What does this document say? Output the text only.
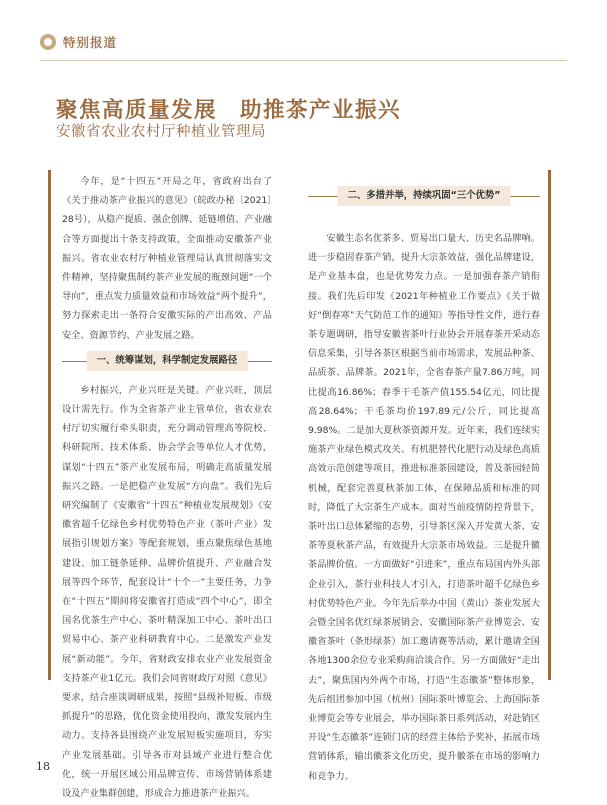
特别报道
聚焦高质量发展　助推茶产业振兴
安徽省农业农村厅种植业管理局

今年，是“十四五”开局之年，省政府出台了《关于推动茶产业振兴的意见》（皖政办秘〔2021〕28号），从稳产提质、强企创牌、延链增值、产业融合等方面提出十条支持政策，全面推动安徽茶产业振兴。省农业农村厅种植业管理局认真贯彻落实文件精神，坚持聚焦制约茶产业发展的瓶颈问题“一个导向”，重点发力质量效益和市场效益“两个提升”，努力探索走出一条符合安徽实际的产出高效、产品安全、资源节约、产业发展之路。

一、统筹谋划，科学制定发展路径

乡村振兴，产业兴旺是关键。产业兴旺，顶层设计需先行。作为全省茶产业主管单位，省农业农村厅切实履行牵头职责，充分调动管理高等院校、科研院所、技术体系、协会学会等单位人才优势，谋划“十四五”茶产业发展布局，明确走高质量发展振兴之路。一是把稳产业发展“方向盘”。我们先后研究编制了《安徽省“十四五”种植业发展规划》《安徽省超千亿绿色乡村优势特色产业（茶叶产业）发展指引规划方案》等配套规划，重点聚焦绿色基地建设、加工链条延伸、品牌价值提升、产业融合发展等四个环节，配套设计“十个一”主要任务，力争在“十四五”期间将安徽省打造成“四个中心”，即全国名优茶生产中心、茶叶精深加工中心、茶叶出口贸易中心、茶产业科研教育中心。二是激发产业发展“新动能”。今年，省财政安排农业产业发展资金支持茶产业1亿元。我们会同省财政厅对照《意见》要求，结合座谈调研成果，按照“县级补短板、市级抓提升”的思路，优化资金使用投向，激发发展内生动力。支持各县围绕产业发展短板实施项目，夯实产业发展基础。引导各市对县域产业进行整合优化，统一开展区域公用品牌宣传、市场营销体系建设及产业集群创建，形成合力推进茶产业振兴。

二、多措并举，持续巩固“三个优势”

安徽生态名优茶多、贸易出口量大、历史名品牌响。进一步稳固春茶产销，提升大宗茶效益，强化品牌建设，是产业基本盘，也是优势发力点。一是加强春茶产销衔接。我们先后印发《2021年种植业工作要点》《关于做好“倒春寒”天气防范工作的通知》等指导性文件，进行春茶专题调研，指导安徽省茶叶行业协会开展春茶开采动态信息采集，引导各茶区根据当前市场需求，发展品种茶、品质茶、品牌茶。2021年，全省春茶产量7.86万吨，同比提高16.86%；春季干毛茶产值155.54亿元，同比提高28.64%；干毛茶均价197.89元/公斤，同比提高9.98%。二是加大夏秋茶资源开发。近年来，我们连续实施茶产业绿色模式攻关、有机肥替代化肥行动及绿色高质高效示范创建等项目，推进标准茶园建设，普及茶园轻简机械，配套完善夏秋茶加工体，在保障品质和标准的同时，降低了大宗茶生产成本。面对当前疫情防控背景下，茶叶出口总体紧缩的态势，引导茶区深入开发黄大茶、安茶等夏秋茶产品，有效提升大宗茶市场效益。三是提升徽茶品牌价值。一方面做好“引进来”，重点布局国内外头部企业引入，茶行业科技人才引入，打造茶叶超千亿绿色乡村优势特色产业。今年先后举办中国（黄山）茶业发展大会暨全国名优红绿茶展销会、安徽国际茶产业博览会、安徽省茶叶（条形绿茶）加工邀请赛等活动，累计邀请全国各地1300余位专业采购商洽谈合作。另一方面做好“走出去”，聚焦国内外两个市场，打造“生态徽茶”整体形象，先后组团参加中国（杭州）国际茶叶博览会、上海国际茶业博览会等专业展会，举办国际茶日系列活动，对赴销区开设“生态徽茶”连锁门店的经营主体给予奖补，拓展市场营销体系，输出徽茶文化历史，提升徽茶在市场的影响力和竞争力。

18
